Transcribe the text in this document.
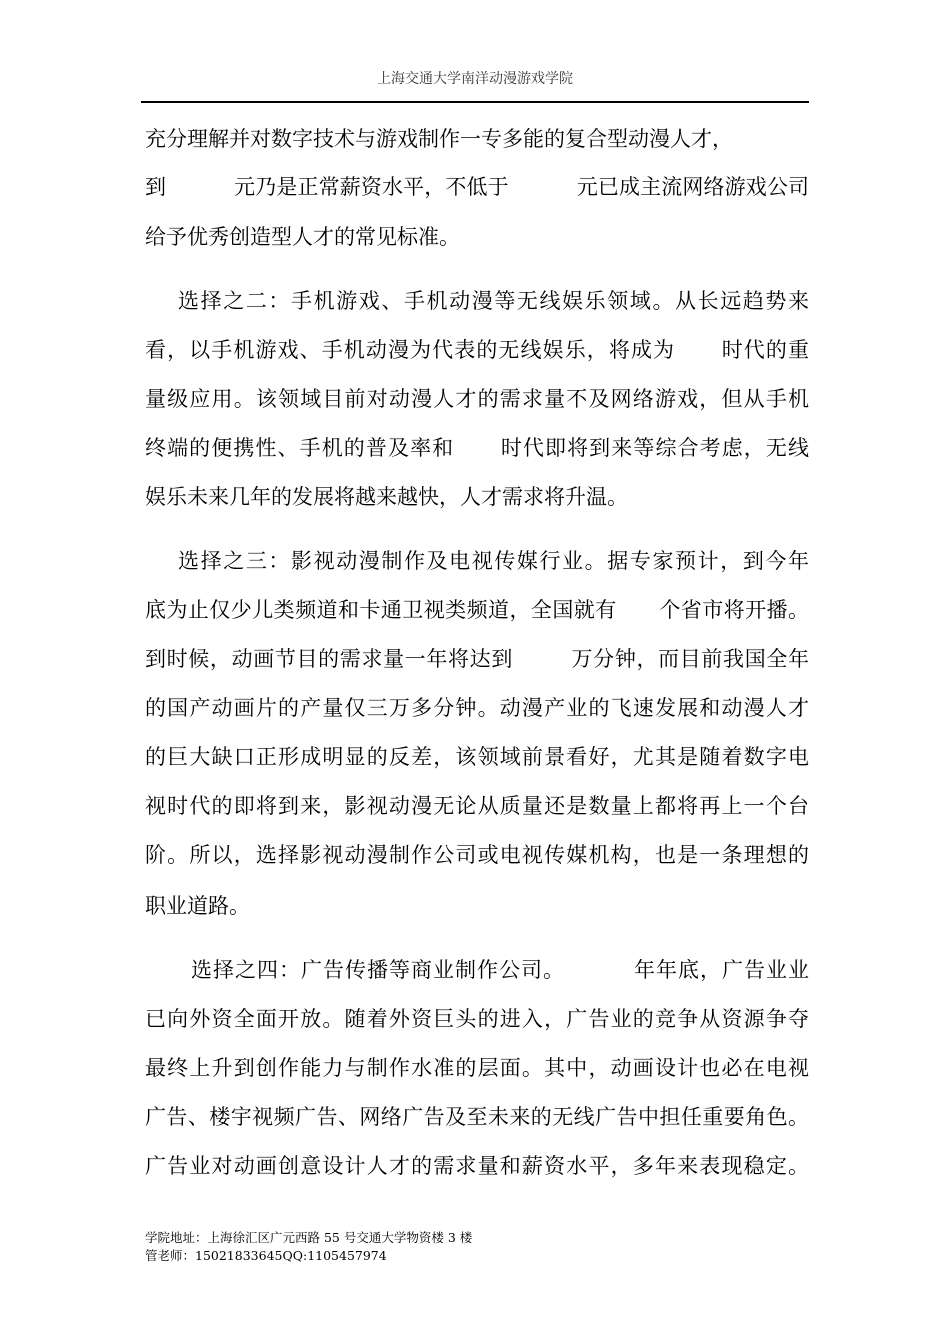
上海交通大学南洋动漫游戏学院
充分理解并对数字技术与游戏制作一专多能的复合型动漫人才，
到          元乃是正常薪资水平，不低于          元已成主流网络游戏公司
给予优秀创造型人才的常见标准。
选择之二：手机游戏、手机动漫等无线娱乐领域。从长远趋势来
看，以手机游戏、手机动漫为代表的无线娱乐，将成为      时代的重
量级应用。该领域目前对动漫人才的需求量不及网络游戏，但从手机
终端的便携性、手机的普及率和      时代即将到来等综合考虑，无线
娱乐未来几年的发展将越来越快，人才需求将升温。
选择之三：影视动漫制作及电视传媒行业。据专家预计，到今年
底为止仅少儿类频道和卡通卫视类频道，全国就有      个省市将开播。
到时候，动画节目的需求量一年将达到        万分钟，而目前我国全年
的国产动画片的产量仅三万多分钟。动漫产业的飞速发展和动漫人才
的巨大缺口正形成明显的反差，该领域前景看好，尤其是随着数字电
视时代的即将到来，影视动漫无论从质量还是数量上都将再上一个台
阶。所以，选择影视动漫制作公司或电视传媒机构，也是一条理想的
职业道路。
选择之四：广告传播等商业制作公司。         年年底，广告业业
已向外资全面开放。随着外资巨头的进入，广告业的竞争从资源争夺
最终上升到创作能力与制作水准的层面。其中，动画设计也必在电视
广告、楼宇视频广告、网络广告及至未来的无线广告中担任重要角色。
广告业对动画创意设计人才的需求量和薪资水平，多年来表现稳定。
学院地址：上海徐汇区广元西路 55 号交通大学物资楼 3 楼
管老师：15021833645QQ:1105457974
